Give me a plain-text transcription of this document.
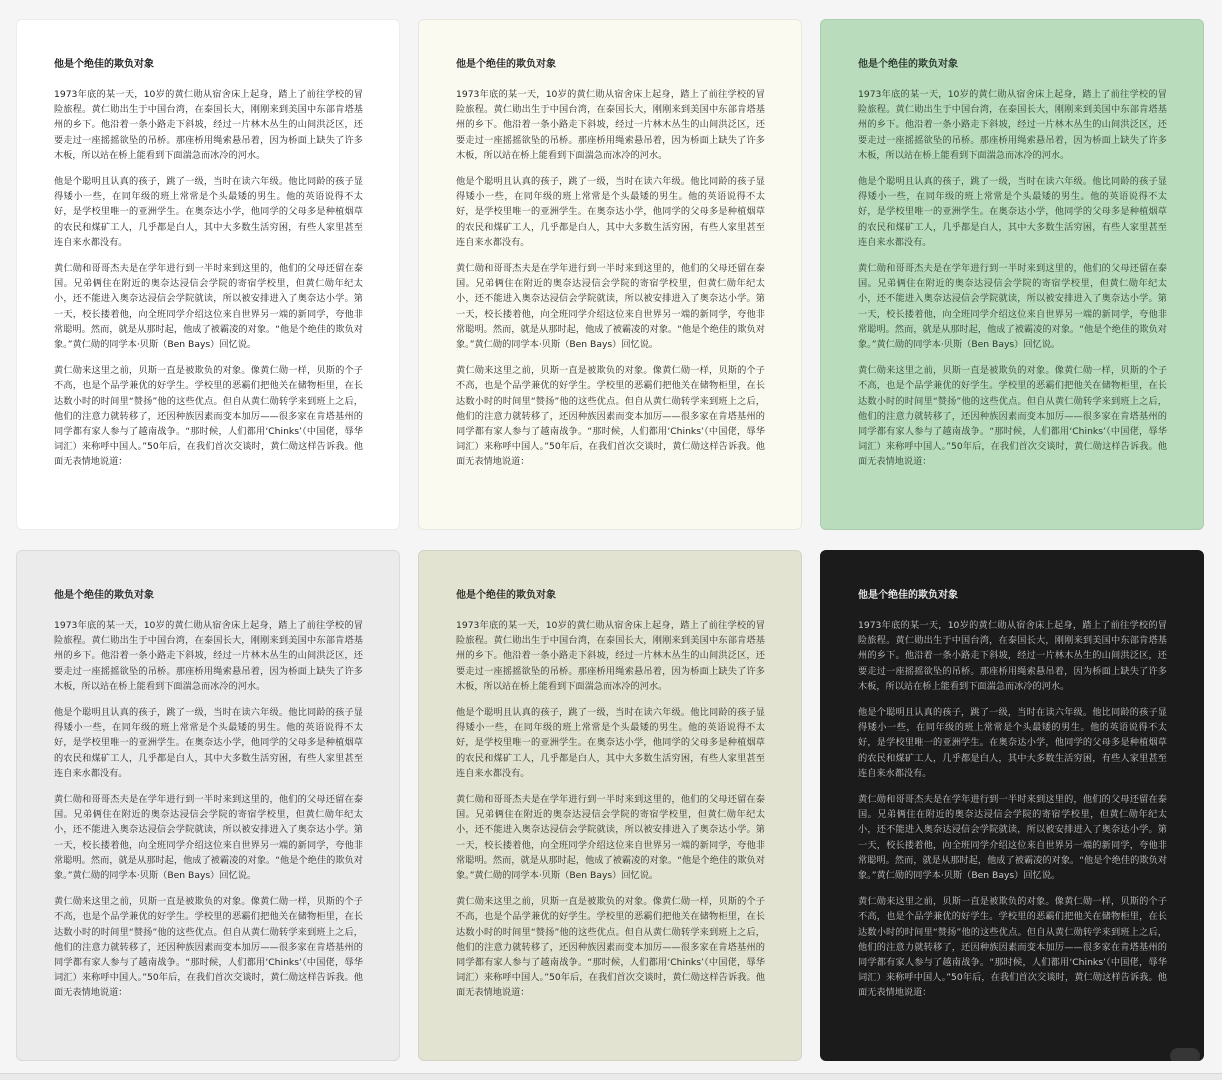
他是个绝佳的欺负对象

1973年底的某一天，10岁的黄仁勋从宿舍床上起身，踏上了前往学校的冒险旅程。黄仁勋出生于中国台湾，在泰国长大，刚刚来到美国中东部肯塔基州的乡下。他沿着一条小路走下斜坡，经过一片林木丛生的山间洪泛区，还要走过一座摇摇欲坠的吊桥。那座桥用绳索悬吊着，因为桥面上缺失了许多木板，所以站在桥上能看到下面湍急而冰冷的河水。

他是个聪明且认真的孩子，跳了一级，当时在读六年级。他比同龄的孩子显得矮小一些，在同年级的班上常常是个头最矮的男生。他的英语说得不太好，是学校里唯一的亚洲学生。在奥奈达小学，他同学的父母多是种植烟草的农民和煤矿工人，几乎都是白人，其中大多数生活穷困，有些人家里甚至连自来水都没有。

黄仁勋和哥哥杰夫是在学年进行到一半时来到这里的，他们的父母还留在泰国。兄弟俩住在附近的奥奈达浸信会学院的寄宿学校里，但黄仁勋年纪太小，还不能进入奥奈达浸信会学院就读，所以被安排进入了奥奈达小学。第一天，校长搂着他，向全班同学介绍这位来自世界另一端的新同学，夸他非常聪明。然而，就是从那时起，他成了被霸凌的对象。“他是个绝佳的欺负对象。”黄仁勋的同学本·贝斯（Ben Bays）回忆说。

黄仁勋来这里之前，贝斯一直是被欺负的对象。像黄仁勋一样，贝斯的个子不高，也是个品学兼优的好学生。学校里的恶霸们把他关在储物柜里，在长达数小时的时间里“赞扬”他的这些优点。但自从黄仁勋转学来到班上之后，他们的注意力就转移了，还因种族因素而变本加厉——很多家在肯塔基州的同学都有家人参与了越南战争。“那时候，人们都用‘Chinks’（中国佬，辱华词汇）来称呼中国人。”50年后，在我们首次交谈时，黄仁勋这样告诉我。他面无表情地说道：

他是个绝佳的欺负对象

1973年底的某一天，10岁的黄仁勋从宿舍床上起身，踏上了前往学校的冒险旅程。黄仁勋出生于中国台湾，在泰国长大，刚刚来到美国中东部肯塔基州的乡下。他沿着一条小路走下斜坡，经过一片林木丛生的山间洪泛区，还要走过一座摇摇欲坠的吊桥。那座桥用绳索悬吊着，因为桥面上缺失了许多木板，所以站在桥上能看到下面湍急而冰冷的河水。

他是个聪明且认真的孩子，跳了一级，当时在读六年级。他比同龄的孩子显得矮小一些，在同年级的班上常常是个头最矮的男生。他的英语说得不太好，是学校里唯一的亚洲学生。在奥奈达小学，他同学的父母多是种植烟草的农民和煤矿工人，几乎都是白人，其中大多数生活穷困，有些人家里甚至连自来水都没有。

黄仁勋和哥哥杰夫是在学年进行到一半时来到这里的，他们的父母还留在泰国。兄弟俩住在附近的奥奈达浸信会学院的寄宿学校里，但黄仁勋年纪太小，还不能进入奥奈达浸信会学院就读，所以被安排进入了奥奈达小学。第一天，校长搂着他，向全班同学介绍这位来自世界另一端的新同学，夸他非常聪明。然而，就是从那时起，他成了被霸凌的对象。“他是个绝佳的欺负对象。”黄仁勋的同学本·贝斯（Ben Bays）回忆说。

黄仁勋来这里之前，贝斯一直是被欺负的对象。像黄仁勋一样，贝斯的个子不高，也是个品学兼优的好学生。学校里的恶霸们把他关在储物柜里，在长达数小时的时间里“赞扬”他的这些优点。但自从黄仁勋转学来到班上之后，他们的注意力就转移了，还因种族因素而变本加厉——很多家在肯塔基州的同学都有家人参与了越南战争。“那时候，人们都用‘Chinks’（中国佬，辱华词汇）来称呼中国人。”50年后，在我们首次交谈时，黄仁勋这样告诉我。他面无表情地说道：

他是个绝佳的欺负对象

1973年底的某一天，10岁的黄仁勋从宿舍床上起身，踏上了前往学校的冒险旅程。黄仁勋出生于中国台湾，在泰国长大，刚刚来到美国中东部肯塔基州的乡下。他沿着一条小路走下斜坡，经过一片林木丛生的山间洪泛区，还要走过一座摇摇欲坠的吊桥。那座桥用绳索悬吊着，因为桥面上缺失了许多木板，所以站在桥上能看到下面湍急而冰冷的河水。

他是个聪明且认真的孩子，跳了一级，当时在读六年级。他比同龄的孩子显得矮小一些，在同年级的班上常常是个头最矮的男生。他的英语说得不太好，是学校里唯一的亚洲学生。在奥奈达小学，他同学的父母多是种植烟草的农民和煤矿工人，几乎都是白人，其中大多数生活穷困，有些人家里甚至连自来水都没有。

黄仁勋和哥哥杰夫是在学年进行到一半时来到这里的，他们的父母还留在泰国。兄弟俩住在附近的奥奈达浸信会学院的寄宿学校里，但黄仁勋年纪太小，还不能进入奥奈达浸信会学院就读，所以被安排进入了奥奈达小学。第一天，校长搂着他，向全班同学介绍这位来自世界另一端的新同学，夸他非常聪明。然而，就是从那时起，他成了被霸凌的对象。“他是个绝佳的欺负对象。”黄仁勋的同学本·贝斯（Ben Bays）回忆说。

黄仁勋来这里之前，贝斯一直是被欺负的对象。像黄仁勋一样，贝斯的个子不高，也是个品学兼优的好学生。学校里的恶霸们把他关在储物柜里，在长达数小时的时间里“赞扬”他的这些优点。但自从黄仁勋转学来到班上之后，他们的注意力就转移了，还因种族因素而变本加厉——很多家在肯塔基州的同学都有家人参与了越南战争。“那时候，人们都用‘Chinks’（中国佬，辱华词汇）来称呼中国人。”50年后，在我们首次交谈时，黄仁勋这样告诉我。他面无表情地说道：

他是个绝佳的欺负对象

1973年底的某一天，10岁的黄仁勋从宿舍床上起身，踏上了前往学校的冒险旅程。黄仁勋出生于中国台湾，在泰国长大，刚刚来到美国中东部肯塔基州的乡下。他沿着一条小路走下斜坡，经过一片林木丛生的山间洪泛区，还要走过一座摇摇欲坠的吊桥。那座桥用绳索悬吊着，因为桥面上缺失了许多木板，所以站在桥上能看到下面湍急而冰冷的河水。

他是个聪明且认真的孩子，跳了一级，当时在读六年级。他比同龄的孩子显得矮小一些，在同年级的班上常常是个头最矮的男生。他的英语说得不太好，是学校里唯一的亚洲学生。在奥奈达小学，他同学的父母多是种植烟草的农民和煤矿工人，几乎都是白人，其中大多数生活穷困，有些人家里甚至连自来水都没有。

黄仁勋和哥哥杰夫是在学年进行到一半时来到这里的，他们的父母还留在泰国。兄弟俩住在附近的奥奈达浸信会学院的寄宿学校里，但黄仁勋年纪太小，还不能进入奥奈达浸信会学院就读，所以被安排进入了奥奈达小学。第一天，校长搂着他，向全班同学介绍这位来自世界另一端的新同学，夸他非常聪明。然而，就是从那时起，他成了被霸凌的对象。“他是个绝佳的欺负对象。”黄仁勋的同学本·贝斯（Ben Bays）回忆说。

黄仁勋来这里之前，贝斯一直是被欺负的对象。像黄仁勋一样，贝斯的个子不高，也是个品学兼优的好学生。学校里的恶霸们把他关在储物柜里，在长达数小时的时间里“赞扬”他的这些优点。但自从黄仁勋转学来到班上之后，他们的注意力就转移了，还因种族因素而变本加厉——很多家在肯塔基州的同学都有家人参与了越南战争。“那时候，人们都用‘Chinks’（中国佬，辱华词汇）来称呼中国人。”50年后，在我们首次交谈时，黄仁勋这样告诉我。他面无表情地说道：

他是个绝佳的欺负对象

1973年底的某一天，10岁的黄仁勋从宿舍床上起身，踏上了前往学校的冒险旅程。黄仁勋出生于中国台湾，在泰国长大，刚刚来到美国中东部肯塔基州的乡下。他沿着一条小路走下斜坡，经过一片林木丛生的山间洪泛区，还要走过一座摇摇欲坠的吊桥。那座桥用绳索悬吊着，因为桥面上缺失了许多木板，所以站在桥上能看到下面湍急而冰冷的河水。

他是个聪明且认真的孩子，跳了一级，当时在读六年级。他比同龄的孩子显得矮小一些，在同年级的班上常常是个头最矮的男生。他的英语说得不太好，是学校里唯一的亚洲学生。在奥奈达小学，他同学的父母多是种植烟草的农民和煤矿工人，几乎都是白人，其中大多数生活穷困，有些人家里甚至连自来水都没有。

黄仁勋和哥哥杰夫是在学年进行到一半时来到这里的，他们的父母还留在泰国。兄弟俩住在附近的奥奈达浸信会学院的寄宿学校里，但黄仁勋年纪太小，还不能进入奥奈达浸信会学院就读，所以被安排进入了奥奈达小学。第一天，校长搂着他，向全班同学介绍这位来自世界另一端的新同学，夸他非常聪明。然而，就是从那时起，他成了被霸凌的对象。“他是个绝佳的欺负对象。”黄仁勋的同学本·贝斯（Ben Bays）回忆说。

黄仁勋来这里之前，贝斯一直是被欺负的对象。像黄仁勋一样，贝斯的个子不高，也是个品学兼优的好学生。学校里的恶霸们把他关在储物柜里，在长达数小时的时间里“赞扬”他的这些优点。但自从黄仁勋转学来到班上之后，他们的注意力就转移了，还因种族因素而变本加厉——很多家在肯塔基州的同学都有家人参与了越南战争。“那时候，人们都用‘Chinks’（中国佬，辱华词汇）来称呼中国人。”50年后，在我们首次交谈时，黄仁勋这样告诉我。他面无表情地说道：

他是个绝佳的欺负对象

1973年底的某一天，10岁的黄仁勋从宿舍床上起身，踏上了前往学校的冒险旅程。黄仁勋出生于中国台湾，在泰国长大，刚刚来到美国中东部肯塔基州的乡下。他沿着一条小路走下斜坡，经过一片林木丛生的山间洪泛区，还要走过一座摇摇欲坠的吊桥。那座桥用绳索悬吊着，因为桥面上缺失了许多木板，所以站在桥上能看到下面湍急而冰冷的河水。

他是个聪明且认真的孩子，跳了一级，当时在读六年级。他比同龄的孩子显得矮小一些，在同年级的班上常常是个头最矮的男生。他的英语说得不太好，是学校里唯一的亚洲学生。在奥奈达小学，他同学的父母多是种植烟草的农民和煤矿工人，几乎都是白人，其中大多数生活穷困，有些人家里甚至连自来水都没有。

黄仁勋和哥哥杰夫是在学年进行到一半时来到这里的，他们的父母还留在泰国。兄弟俩住在附近的奥奈达浸信会学院的寄宿学校里，但黄仁勋年纪太小，还不能进入奥奈达浸信会学院就读，所以被安排进入了奥奈达小学。第一天，校长搂着他，向全班同学介绍这位来自世界另一端的新同学，夸他非常聪明。然而，就是从那时起，他成了被霸凌的对象。“他是个绝佳的欺负对象。”黄仁勋的同学本·贝斯（Ben Bays）回忆说。

黄仁勋来这里之前，贝斯一直是被欺负的对象。像黄仁勋一样，贝斯的个子不高，也是个品学兼优的好学生。学校里的恶霸们把他关在储物柜里，在长达数小时的时间里“赞扬”他的这些优点。但自从黄仁勋转学来到班上之后，他们的注意力就转移了，还因种族因素而变本加厉——很多家在肯塔基州的同学都有家人参与了越南战争。“那时候，人们都用‘Chinks’（中国佬，辱华词汇）来称呼中国人。”50年后，在我们首次交谈时，黄仁勋这样告诉我。他面无表情地说道：
